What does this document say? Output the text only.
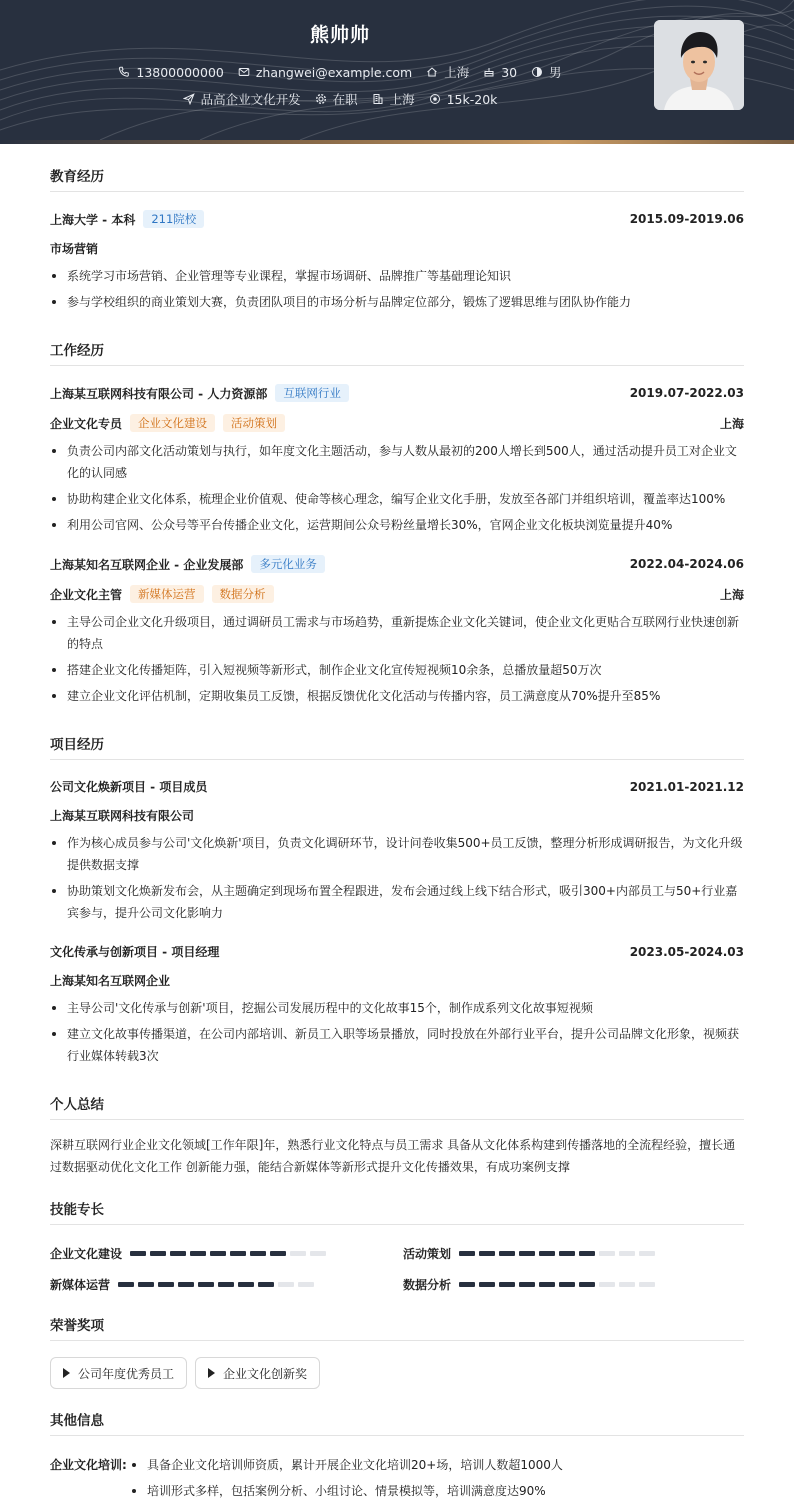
熊帅帅
13800000000
	zhangwei@example.com
	上海
	30
	男
品高企业文化开发
	在职
	上海
	15k-20k
教育经历
上海大学 - 本科	211院校	2015.09-2019.06
市场营销
系统学习市场营销、企业管理等专业课程，掌握市场调研、品牌推广等基础理论知识
参与学校组织的商业策划大赛，负责团队项目的市场分析与品牌定位部分，锻炼了逻辑思维与团队协作能力
工作经历
上海某互联网科技有限公司 - 人力资源部	互联网行业	2019.07-2022.03
企业文化专员	企业文化建设	活动策划	上海
负责公司内部文化活动策划与执行，如年度文化主题活动，参与人数从最初的200人增长到500人，通过活动提升员工对企业文化的认同感
协助构建企业文化体系，梳理企业价值观、使命等核心理念，编写企业文化手册，发放至各部门并组织培训，覆盖率达100%
利用公司官网、公众号等平台传播企业文化，运营期间公众号粉丝量增长30%，官网企业文化板块浏览量提升40%
上海某知名互联网企业 - 企业发展部	多元化业务	2022.04-2024.06
企业文化主管	新媒体运营	数据分析	上海
主导公司企业文化升级项目，通过调研员工需求与市场趋势，重新提炼企业文化关键词，使企业文化更贴合互联网行业快速创新的特点
搭建企业文化传播矩阵，引入短视频等新形式，制作企业文化宣传短视频10余条，总播放量超50万次
建立企业文化评估机制，定期收集员工反馈，根据反馈优化文化活动与传播内容，员工满意度从70%提升至85%
项目经历
公司文化焕新项目 - 项目成员	2021.01-2021.12
上海某互联网科技有限公司
作为核心成员参与公司'文化焕新'项目，负责文化调研环节，设计问卷收集500+员工反馈，整理分析形成调研报告，为文化升级提供数据支撑
协助策划文化焕新发布会，从主题确定到现场布置全程跟进，发布会通过线上线下结合形式，吸引300+内部员工与50+行业嘉宾参与，提升公司文化影响力
文化传承与创新项目 - 项目经理	2023.05-2024.03
上海某知名互联网企业
主导公司'文化传承与创新'项目，挖掘公司发展历程中的文化故事15个，制作成系列文化故事短视频
建立文化故事传播渠道，在公司内部培训、新员工入职等场景播放，同时投放在外部行业平台，提升公司品牌文化形象，视频获行业媒体转载3次
个人总结

深耕互联网行业企业文化领域[工作年限]年，熟悉行业文化特点与员工需求 具备从文化体系构建到传播落地的全流程经验，擅长通过数据驱动优化文化工作 创新能力强，能结合新媒体等新形式提升文化传播效果，有成功案例支撑

技能专长
企业文化建设	活动策划
新媒体运营	数据分析
荣誉奖项
公司年度优秀员工	企业文化创新奖
其他信息
企业文化培训:	具备企业文化培训师资质，累计开展企业文化培训20+场，培训人数超1000人
培训形式多样，包括案例分析、小组讨论、情景模拟等，培训满意度达90%
